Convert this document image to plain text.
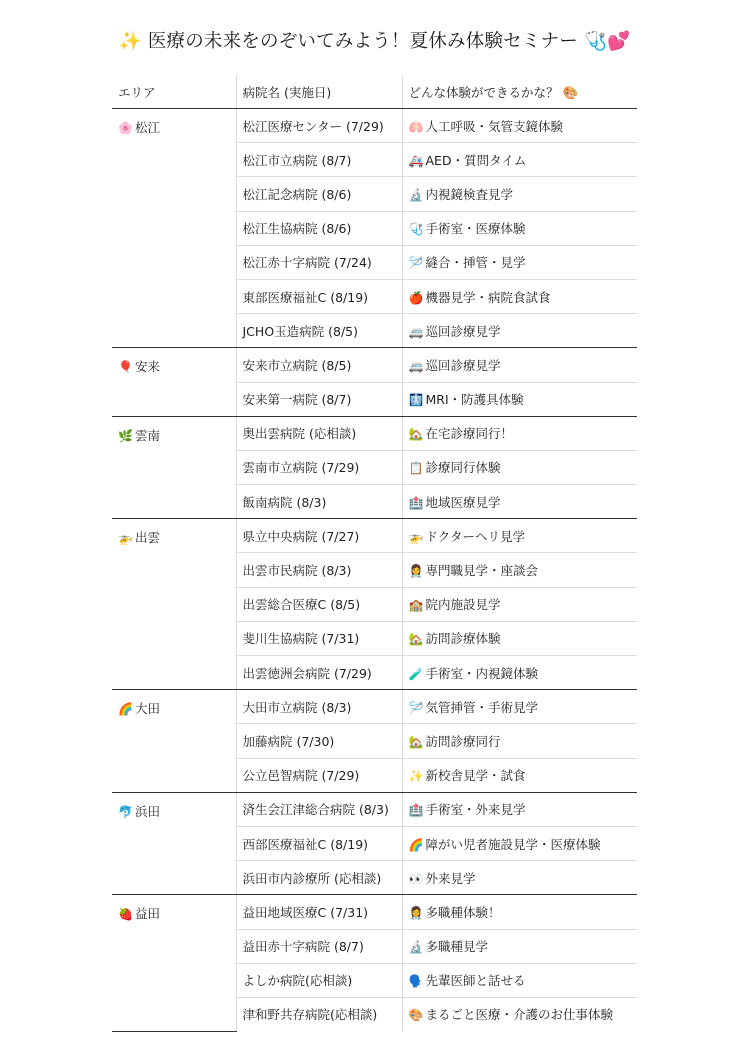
✨ 医療の未来をのぞいてみよう！夏休み体験セミナー 🩺💕
エリア	病院名 (実施日)	どんな体験ができるかな？ 🎨
🌸 松江	松江医療センター (7/29)	🫁 人工呼吸・気管支鏡体験
	松江市立病院 (8/7)	🚑 AED・質問タイム
	松江記念病院 (8/6)	🔬 内視鏡検査見学
	松江生協病院 (8/6)	🩺 手術室・医療体験
	松江赤十字病院 (7/24)	🪡 縫合・挿管・見学
	東部医療福祉C (8/19)	🍎 機器見学・病院食試食
	JCHO玉造病院 (8/5)	🚐 巡回診療見学
🎈 安来	安来市立病院 (8/5)	🚐 巡回診療見学
	安来第一病院 (8/7)	🩻 MRI・防護具体験
🌿 雲南	奥出雲病院 (応相談)	🏡 在宅診療同行！
	雲南市立病院 (7/29)	📋 診療同行体験
	飯南病院 (8/3)	🏥 地域医療見学
🚁 出雲	県立中央病院 (7/27)	🚁 ドクターヘリ見学
	出雲市民病院 (8/3)	👩‍⚕️ 専門職見学・座談会
	出雲総合医療C (8/5)	🏫 院内施設見学
	斐川生協病院 (7/31)	🏡 訪問診療体験
	出雲徳洲会病院 (7/29)	🧪 手術室・内視鏡体験
🌈 大田	大田市立病院 (8/3)	🪡 気管挿管・手術見学
	加藤病院 (7/30)	🏡 訪問診療同行
	公立邑智病院 (7/29)	✨ 新校舎見学・試食
🐬 浜田	済生会江津総合病院 (8/3)	🏥 手術室・外来見学
	西部医療福祉C (8/19)	🌈 障がい児者施設見学・医療体験
	浜田市内診療所 (応相談)	👀 外来見学
🍓 益田	益田地域医療C (7/31)	👩‍⚕️ 多職種体験！
	益田赤十字病院 (8/7)	🔬 多職種見学
	よしか病院(応相談)	🗣️ 先輩医師と話せる
	津和野共存病院(応相談)	🎨 まるごと医療・介護のお仕事体験
